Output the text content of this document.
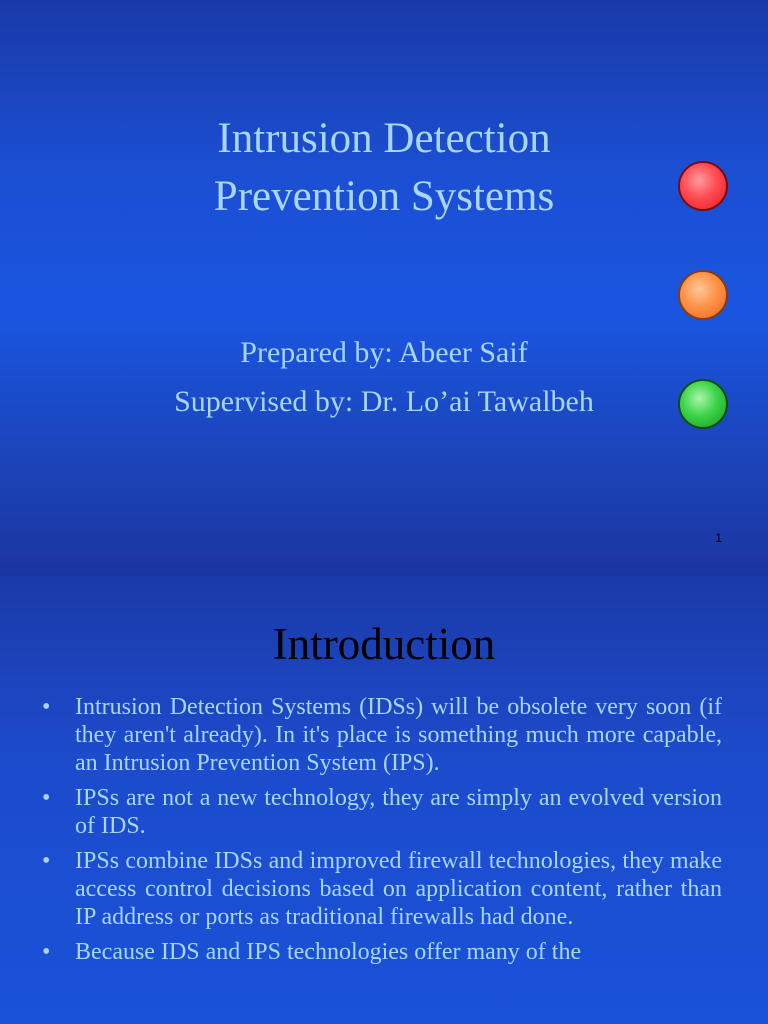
Intrusion Detection
Prevention Systems
Prepared by: Abeer Saif
Supervised by: Dr. Lo’ai Tawalbeh
1
Introduction
• Intrusion Detection Systems (IDSs) will be obsolete very soon (if they aren't already). In it's place is something much more capable, an Intrusion Prevention System (IPS).
• IPSs are not a new technology, they are simply an evolved version of IDS.
• IPSs combine IDSs and improved firewall technologies, they make access control decisions based on application content, rather than IP address or ports as traditional firewalls had done.
• Because IDS and IPS technologies offer many of the
